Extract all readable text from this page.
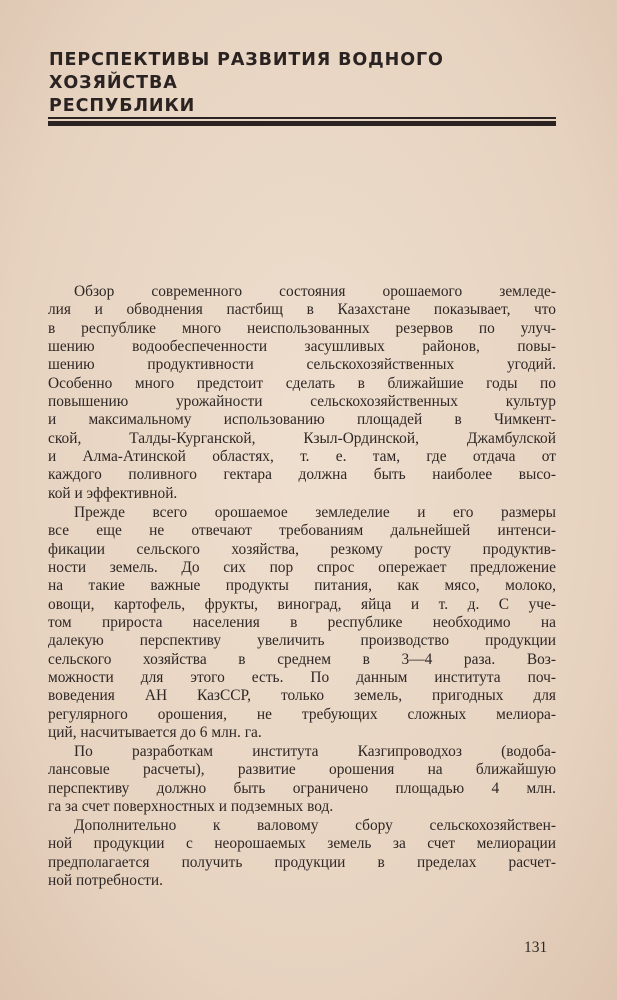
ПЕРСПЕКТИВЫ РАЗВИТИЯ ВОДНОГО ХОЗЯЙСТВА
РЕСПУБЛИКИ
Обзор современного состояния орошаемого земледе-
лия и обводнения пастбищ в Казахстане показывает, что
в республике много неиспользованных резервов по улуч-
шению водообеспеченности засушливых районов, повы-
шению продуктивности сельскохозяйственных угодий.
Особенно много предстоит сделать в ближайшие годы по
повышению урожайности сельскохозяйственных культур
и максимальному использованию площадей в Чимкент-
ской, Талды-Курганской, Кзыл-Ординской, Джамбулской
и Алма-Атинской областях, т. е. там, где отдача от
каждого поливного гектара должна быть наиболее высо-
кой и эффективной.
Прежде всего орошаемое земледелие и его размеры
все еще не отвечают требованиям дальнейшей интенси-
фикации сельского хозяйства, резкому росту продуктив-
ности земель. До сих пор спрос опережает предложение
на такие важные продукты питания, как мясо, молоко,
овощи, картофель, фрукты, виноград, яйца и т. д. С уче-
том прироста населения в республике необходимо на
далекую перспективу увеличить производство продукции
сельского хозяйства в среднем в 3—4 раза. Воз-
можности для этого есть. По данным института поч-
воведения АН КазССР, только земель, пригодных для
регулярного орошения, не требующих сложных мелиора-
ций, насчитывается до 6 млн. га.
По разработкам института Казгипроводхоз (водоба-
лансовые расчеты), развитие орошения на ближайшую
перспективу должно быть ограничено площадью 4 млн.
га за счет поверхностных и подземных вод.
Дополнительно к валовому сбору сельскохозяйствен-
ной продукции с неорошаемых земель за счет мелиорации
предполагается получить продукции в пределах расчет-
ной потребности.
131
